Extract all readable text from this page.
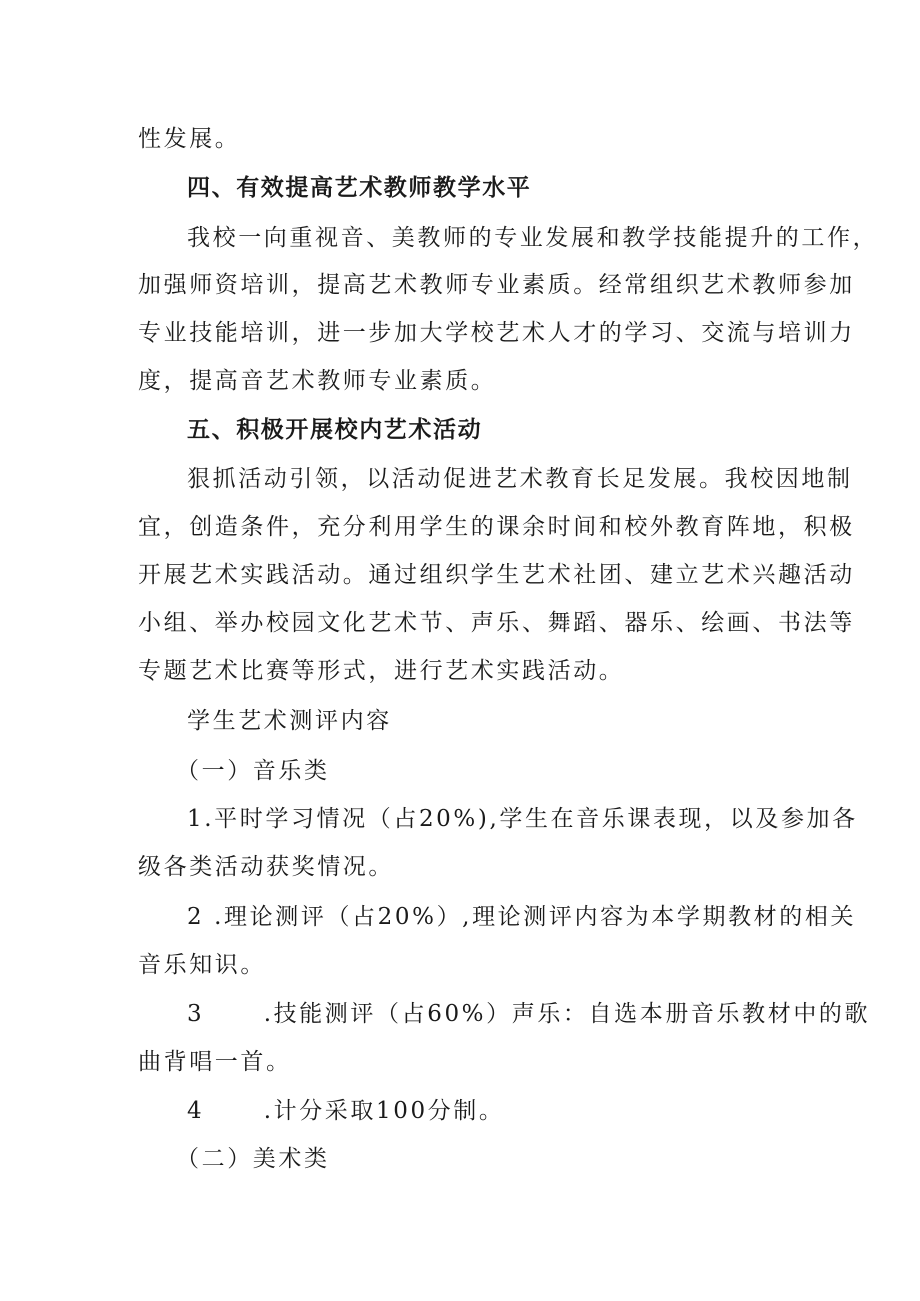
性发展。
四、有效提高艺术教师教学水平
我校一向重视音、美教师的专业发展和教学技能提升的工作，
加强师资培训，提高艺术教师专业素质。经常组织艺术教师参加
专业技能培训，进一步加大学校艺术人才的学习、交流与培训力
度，提高音艺术教师专业素质。
五、积极开展校内艺术活动
狠抓活动引领，以活动促进艺术教育长足发展。我校因地制
宜，创造条件，充分利用学生的课余时间和校外教育阵地，积极
开展艺术实践活动。通过组织学生艺术社团、建立艺术兴趣活动
小组、举办校园文化艺术节、声乐、舞蹈、器乐、绘画、书法等
专题艺术比赛等形式，进行艺术实践活动。
学生艺术测评内容
（一）音乐类
1.平时学习情况（占20%),学生在音乐课表现，以及参加各
级各类活动获奖情况。
2 .理论测评（占20%）,理论测评内容为本学期教材的相关
音乐知识。
3      .技能测评（占60%）声乐：自选本册音乐教材中的歌
曲背唱一首。
4      .计分采取100分制。
（二）美术类
